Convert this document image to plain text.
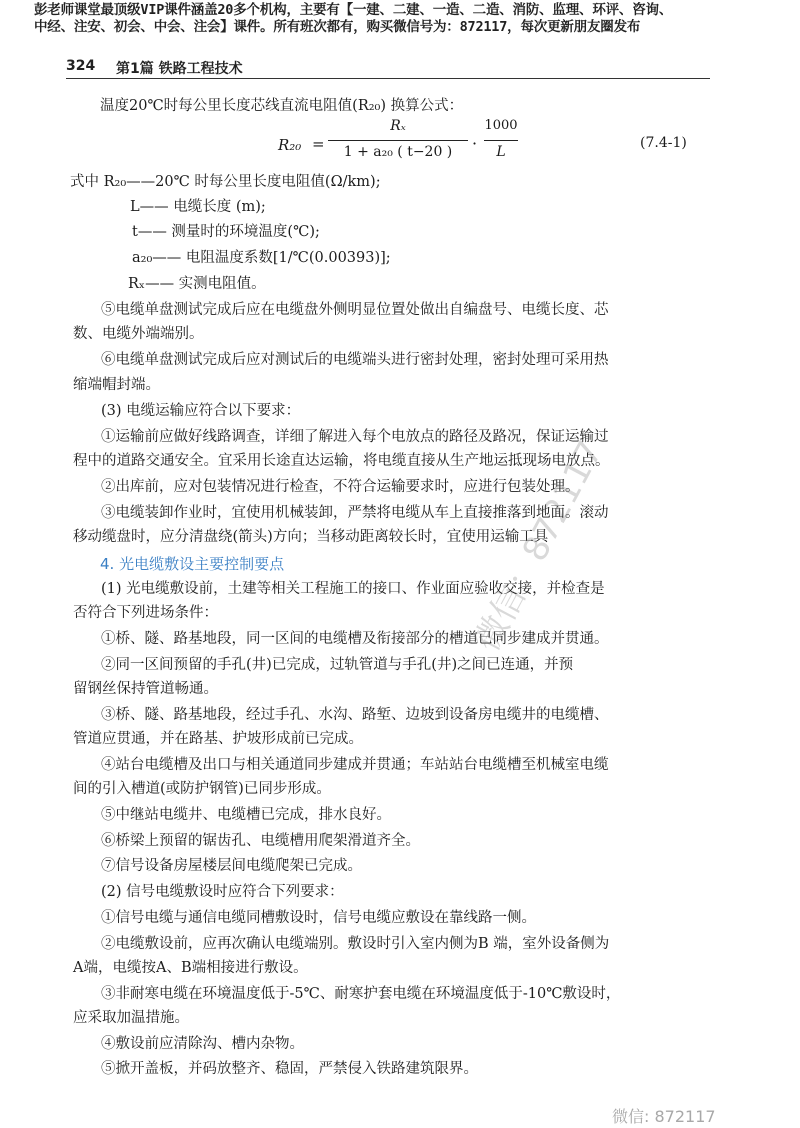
彭老师课堂最顶级VIP课件涵盖20多个机构，主要有【一建、二建、一造、二造、消防、监理、环评、咨询、
中经、注安、初会、中会、注会】课件。所有班次都有，购买微信号为：872117，每次更新朋友圈发布
324 第1篇 铁路工程技术
温度20℃时每公里长度芯线直流电阻值(R₂₀) 换算公式：
R₂₀ =
Rₓ
1 + a₂₀ ( t−20 )	·
1000
L
(7.4-1)
式中 R₂₀——20℃ 时每公里长度电阻值(Ω/km);
L—— 电缆长度 (m);
t—— 测量时的环境温度(℃);
a₂₀—— 电阻温度系数[1/℃(0.00393)];
Rₓ—— 实测电阻值。
⑤电缆单盘测试完成后应在电缆盘外侧明显位置处做出自编盘号、电缆长度、芯
数、电缆外端端别。
⑥电缆单盘测试完成后应对测试后的电缆端头进行密封处理，密封处理可采用热
缩端帽封端。
(3) 电缆运输应符合以下要求：
①运输前应做好线路调查，详细了解进入每个电放点的路径及路况，保证运输过
程中的道路交通安全。宜采用长途直达运输，将电缆直接从生产地运抵现场电放点。
②出库前，应对包装情况进行检查，不符合运输要求时，应进行包装处理。
③电缆装卸作业时，宜使用机械装卸，严禁将电缆从车上直接推落到地面。滚动
移动缆盘时，应分清盘绕(箭头)方向；当移动距离较长时，宜使用运输工具
4. 光电缆敷设主要控制要点
(1) 光电缆敷设前，土建等相关工程施工的接口、作业面应验收交接，并检查是
否符合下列进场条件：
①桥、隧、路基地段，同一区间的电缆槽及衔接部分的槽道已同步建成并贯通。
②同一区间预留的手孔(井)已完成，过轨管道与手孔(井)之间已连通，并预
留钢丝保持管道畅通。
③桥、隧、路基地段，经过手孔、水沟、路堑、边坡到设备房电缆井的电缆槽、
管道应贯通，并在路基、护坡形成前已完成。
④站台电缆槽及出口与相关通道同步建成并贯通；车站站台电缆槽至机械室电缆
间的引入槽道(或防护钢管)已同步形成。
⑤中继站电缆井、电缆槽已完成，排水良好。
⑥桥梁上预留的锯齿孔、电缆槽用爬架滑道齐全。
⑦信号设备房屋楼层间电缆爬架已完成。
(2) 信号电缆敷设时应符合下列要求：
①信号电缆与通信电缆同槽敷设时，信号电缆应敷设在靠线路一侧。
②电缆敷设前，应再次确认电缆端别。敷设时引入室内侧为B 端，室外设备侧为
A端，电缆按A、B端相接进行敷设。
③非耐寒电缆在环境温度低于-5℃、耐寒护套电缆在环境温度低于-10℃敷设时，
应采取加温措施。
④敷设前应清除沟、槽内杂物。
⑤掀开盖板，并码放整齐、稳固，严禁侵入铁路建筑限界。
微信：872117
微信: 872117
